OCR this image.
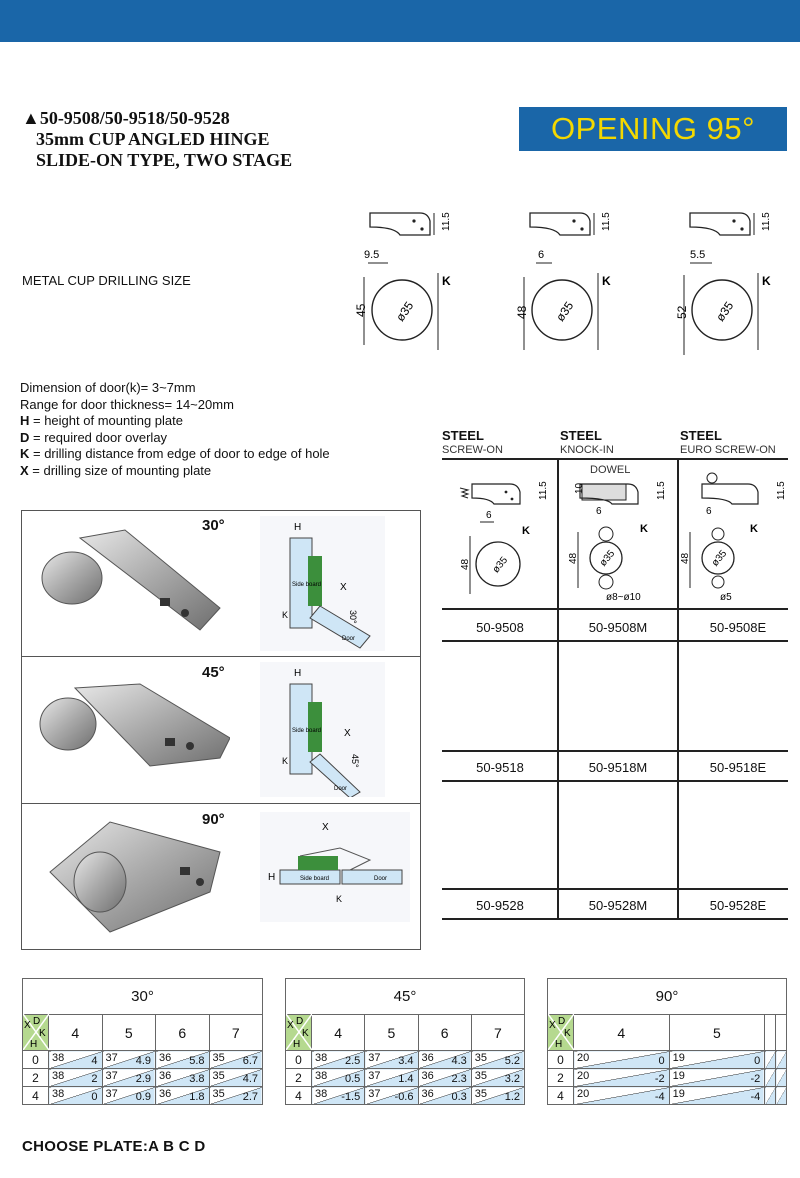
▲50-9508/50-9518/50-9528
35mm CUP ANGLED HINGE
SLIDE-ON TYPE, TWO STAGE
OPENING 95°
METAL CUP DRILLING SIZE
11.5
9.5
ø35
45
K
11.5
6
ø35
48
K
11.5
5.5
ø35
52
K
Dimension of door(k)= 3~7mm
Range for door thickness= 14~20mm
H = height of mounting plate
D = required door overlay
K = drilling distance from edge of door to edge of hole
X = drilling size of mounting plate
STEEL
SCREW-ON
STEEL
KNOCK-IN
STEEL
EURO SCREW-ON
DOWEL
11.5
6
ø35
48
K
10	11.5
6
ø35
48
K
ø8~ø10
11.5
6
ø35
48
K
ø5
50-9508	50-9508M	50-9508E
50-9518	50-9518M	50-9518E
50-9528	50-9528M	50-9528E
30°
45°
90°
H
X
30°
Side board
Door
K
H
X
45°
Side board
Door
K
X
H	Side board	Door
K
30°				
	4	5	6	7
0	38 4	37 4.9	36 5.8	35 6.7

2	38 2	37 2.9	36 3.8	35 4.7

4	38 0	37 0.9	36 1.8	35 2.7
45°				
	4	5	6	7
0	38 2.5	37 3.4	36 4.3	35 5.2

2	38 0.5	37 1.4	36 2.3	35 3.2

4	38 -1.5	37 -0.6	36 0.3	35 1.2
90°				
	4	5		
0	20 0	19 0		

2	20 -2	19 -2		

4	20 -4	19 -4		

X D
K
H
X D
K
H
X D
K
H
CHOOSE PLATE:A B C D
